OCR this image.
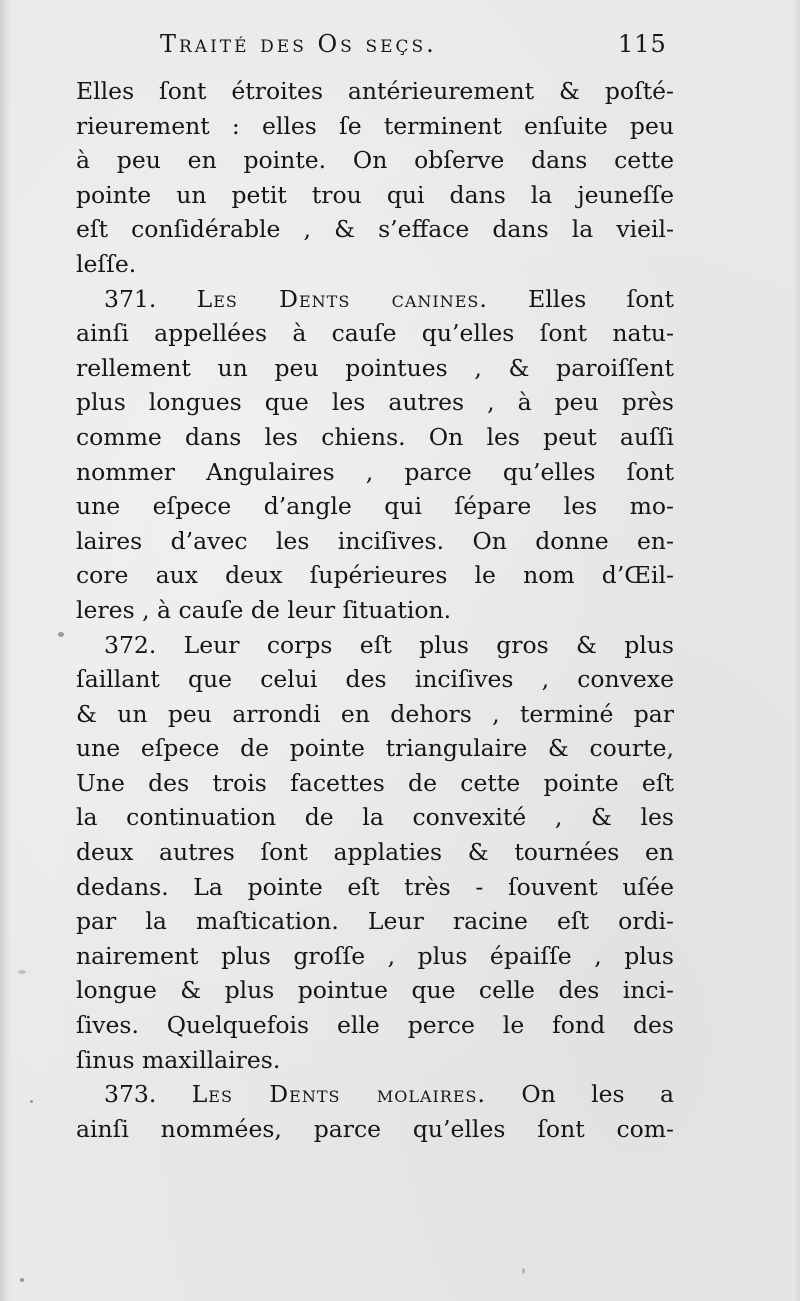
Traité des Os seçs.	115
Elles ſont étroites antérieurement & poſté-
rieurement : elles ſe terminent enſuite peu
à peu en pointe. On obſerve dans cette
pointe un petit trou qui dans la jeuneſſe
eſt conſidérable , & s’efface dans la vieil-
leſſe.
371. Les Dents canines. Elles ſont
ainſi appellées à cauſe qu’elles ſont natu-
rellement un peu pointues , & paroiſſent
plus longues que les autres , à peu près
comme dans les chiens. On les peut auſſi
nommer Angulaires , parce qu’elles ſont
une eſpece d’angle qui ſépare les mo-
laires d’avec les inciſives. On donne en-
core aux deux ſupérieures le nom d’Œil-
leres , à cauſe de leur ſituation.
372. Leur corps eſt plus gros & plus
ſaillant que celui des inciſives , convexe
& un peu arrondi en dehors , terminé par
une eſpece de pointe triangulaire & courte,
Une des trois facettes de cette pointe eſt
la continuation de la convexité , & les
deux autres ſont applaties & tournées en
dedans. La pointe eſt très - ſouvent uſée
par la maſtication. Leur racine eſt ordi-
nairement plus groſſe , plus épaiſſe , plus
longue & plus pointue que celle des inci-
ſives. Quelquefois elle perce le fond des
ſinus maxillaires.
373. Les Dents molaires. On les a
ainſi nommées, parce qu’elles ſont com-
